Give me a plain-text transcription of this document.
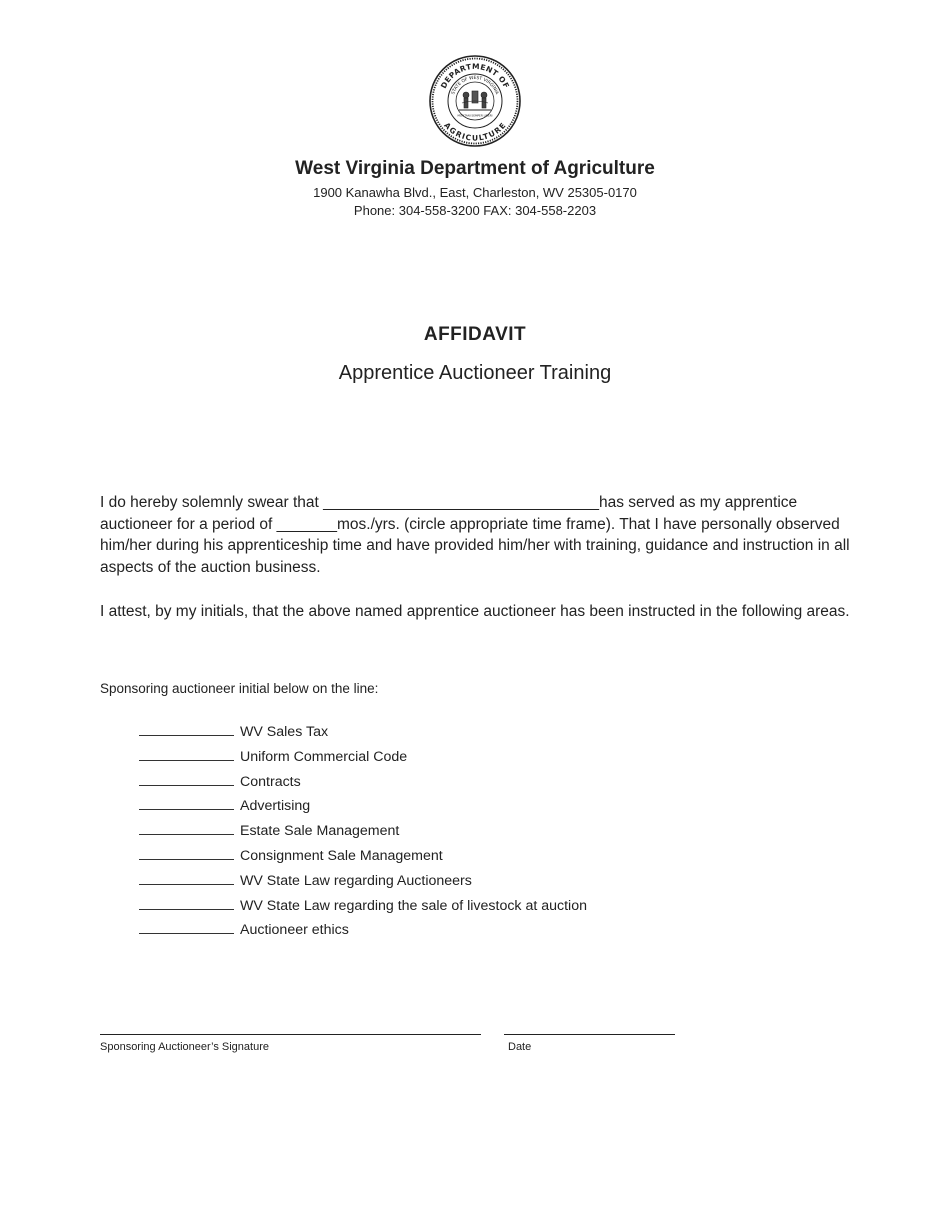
DEPARTMENT OF
AGRICULTURE
STATE OF WEST VIRGINIA
MONTANI SEMPER LIBERI
West Virginia Department of Agriculture
1900 Kanawha Blvd., East, Charleston, WV 25305-0170
Phone: 304-558-3200 FAX: 304-558-2203
AFFIDAVIT
Apprentice Auctioneer Training
I do hereby solemnly swear that ________________________________has served as my apprentice auctioneer for a period of _______mos./yrs. (circle appropriate time frame). That I have personally observed him/her during his apprenticeship time and have provided him/her with training, guidance and instruction in all aspects of the auction business.
I attest, by my initials, that the above named apprentice auctioneer has been instructed in the following areas.
Sponsoring auctioneer initial below on the line:
WV Sales Tax
Uniform Commercial Code
Contracts
Advertising
Estate Sale Management
Consignment Sale Management
WV State Law regarding Auctioneers
WV State Law regarding the sale of livestock at auction
Auctioneer ethics
Sponsoring Auctioneer’s Signature	Date
